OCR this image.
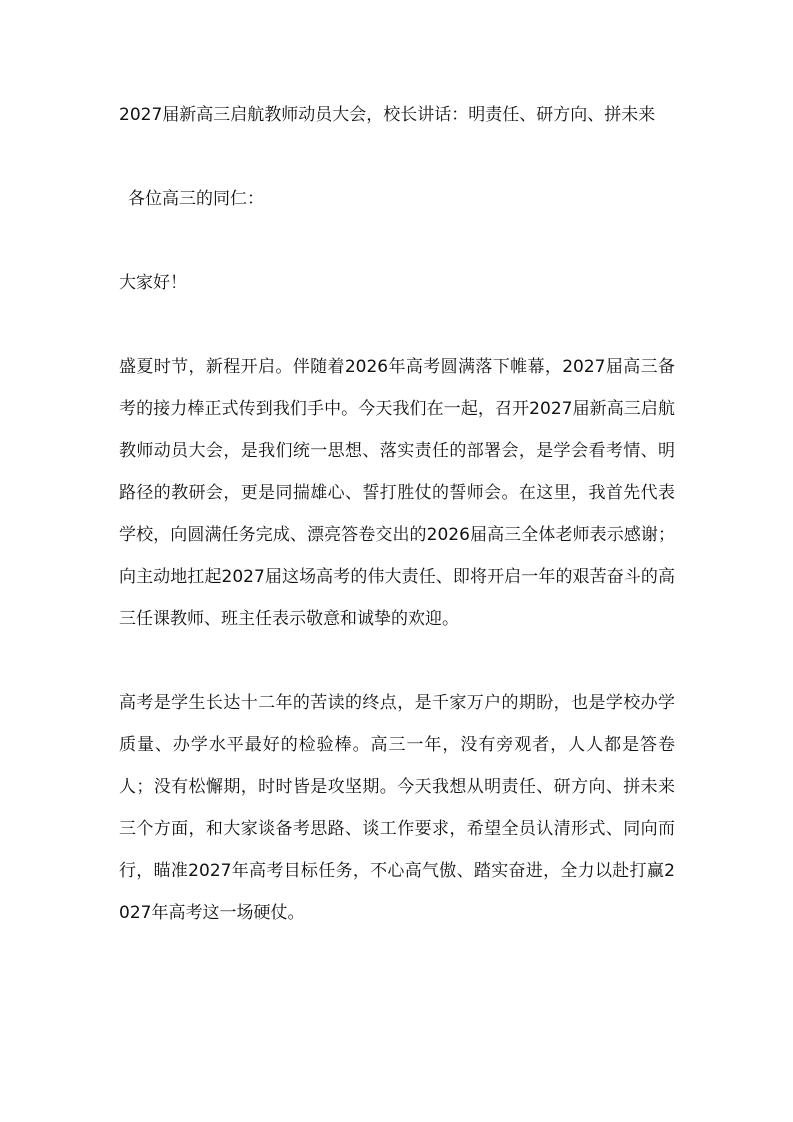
2027届新高三启航教师动员大会，校长讲话：明责任、研方向、拼未来

各位高三的同仁：

大家好！

盛夏时节，新程开启。伴随着2026年高考圆满落下帷幕，2027届高三备考的接力棒正式传到我们手中。今天我们在一起，召开2027届新高三启航教师动员大会，是我们统一思想、落实责任的部署会，是学会看考情、明路径的教研会，更是同揣雄心、誓打胜仗的誓师会。在这里，我首先代表学校，向圆满任务完成、漂亮答卷交出的2026届高三全体老师表示感谢；向主动地扛起2027届这场高考的伟大责任、即将开启一年的艰苦奋斗的高三任课教师、班主任表示敬意和诚挚的欢迎。

高考是学生长达十二年的苦读的终点，是千家万户的期盼，也是学校办学质量、办学水平最好的检验棒。高三一年，没有旁观者，人人都是答卷人；没有松懈期，时时皆是攻坚期。今天我想从明责任、研方向、拼未来三个方面，和大家谈备考思路、谈工作要求，希望全员认清形式、同向而行，瞄准2027年高考目标任务，不心高气傲、踏实奋进，全力以赴打赢2027年高考这一场硬仗。
